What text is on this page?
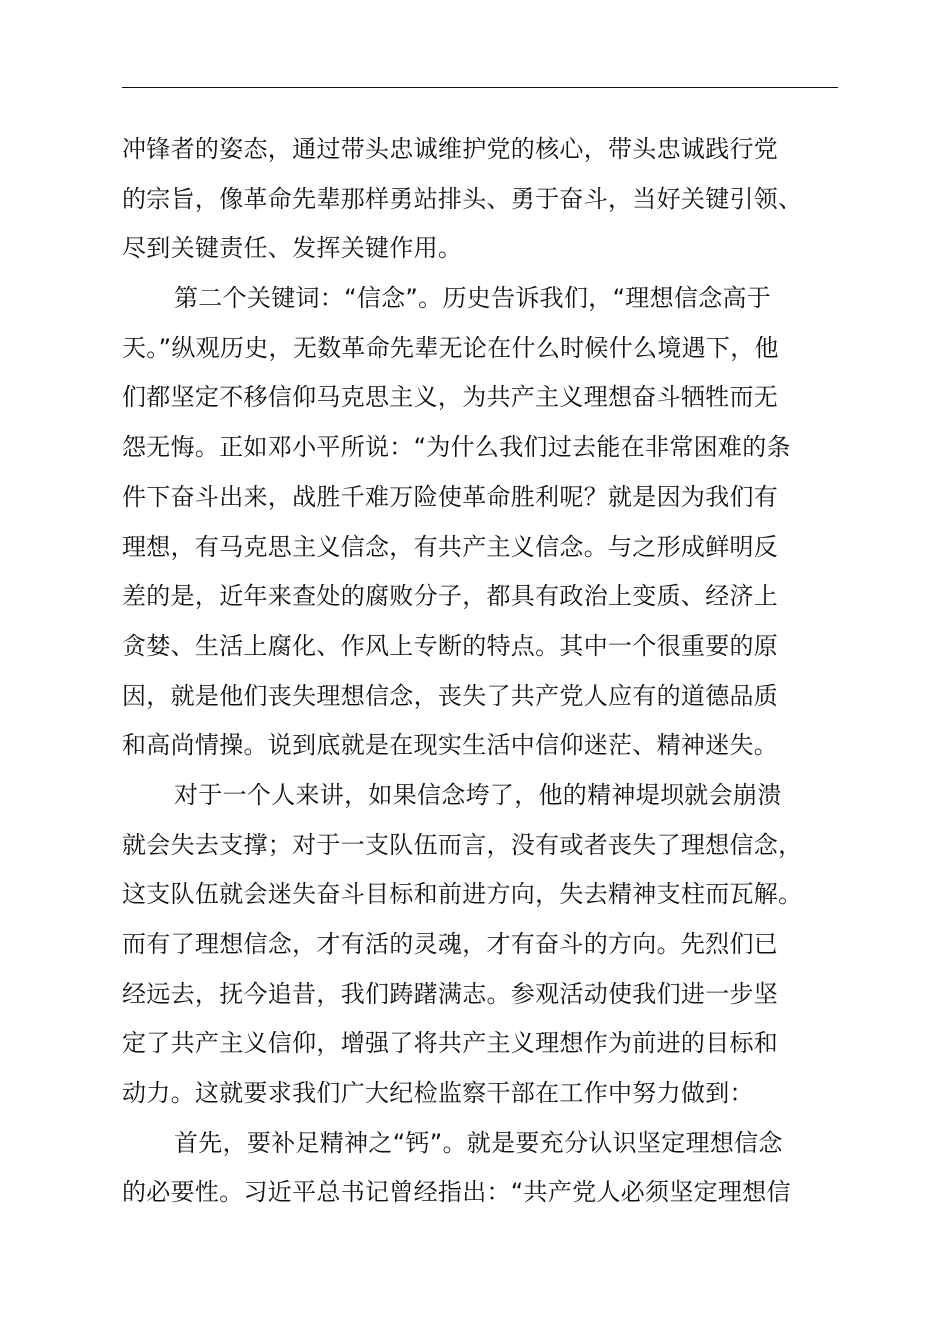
冲锋者的姿态，通过带头忠诚维护党的核心，带头忠诚践行党
的宗旨，像革命先辈那样勇站排头、勇于奋斗，当好关键引领、
尽到关键责任、发挥关键作用。
第二个关键词：“信念”。历史告诉我们，“理想信念高于
天。”纵观历史，无数革命先辈无论在什么时候什么境遇下，他
们都坚定不移信仰马克思主义，为共产主义理想奋斗牺牲而无
怨无悔。正如邓小平所说：“为什么我们过去能在非常困难的条
件下奋斗出来，战胜千难万险使革命胜利呢？就是因为我们有
理想，有马克思主义信念，有共产主义信念。与之形成鲜明反
差的是，近年来查处的腐败分子，都具有政治上变质、经济上
贪婪、生活上腐化、作风上专断的特点。其中一个很重要的原
因，就是他们丧失理想信念，丧失了共产党人应有的道德品质
和高尚情操。说到底就是在现实生活中信仰迷茫、精神迷失。
对于一个人来讲，如果信念垮了，他的精神堤坝就会崩溃
就会失去支撑；对于一支队伍而言，没有或者丧失了理想信念，
这支队伍就会迷失奋斗目标和前进方向，失去精神支柱而瓦解。
而有了理想信念，才有活的灵魂，才有奋斗的方向。先烈们已
经远去，抚今追昔，我们踌躇满志。参观活动使我们进一步坚
定了共产主义信仰，增强了将共产主义理想作为前进的目标和
动力。这就要求我们广大纪检监察干部在工作中努力做到：
首先，要补足精神之“钙”。就是要充分认识坚定理想信念
的必要性。习近平总书记曾经指出：“共产党人必须坚定理想信
